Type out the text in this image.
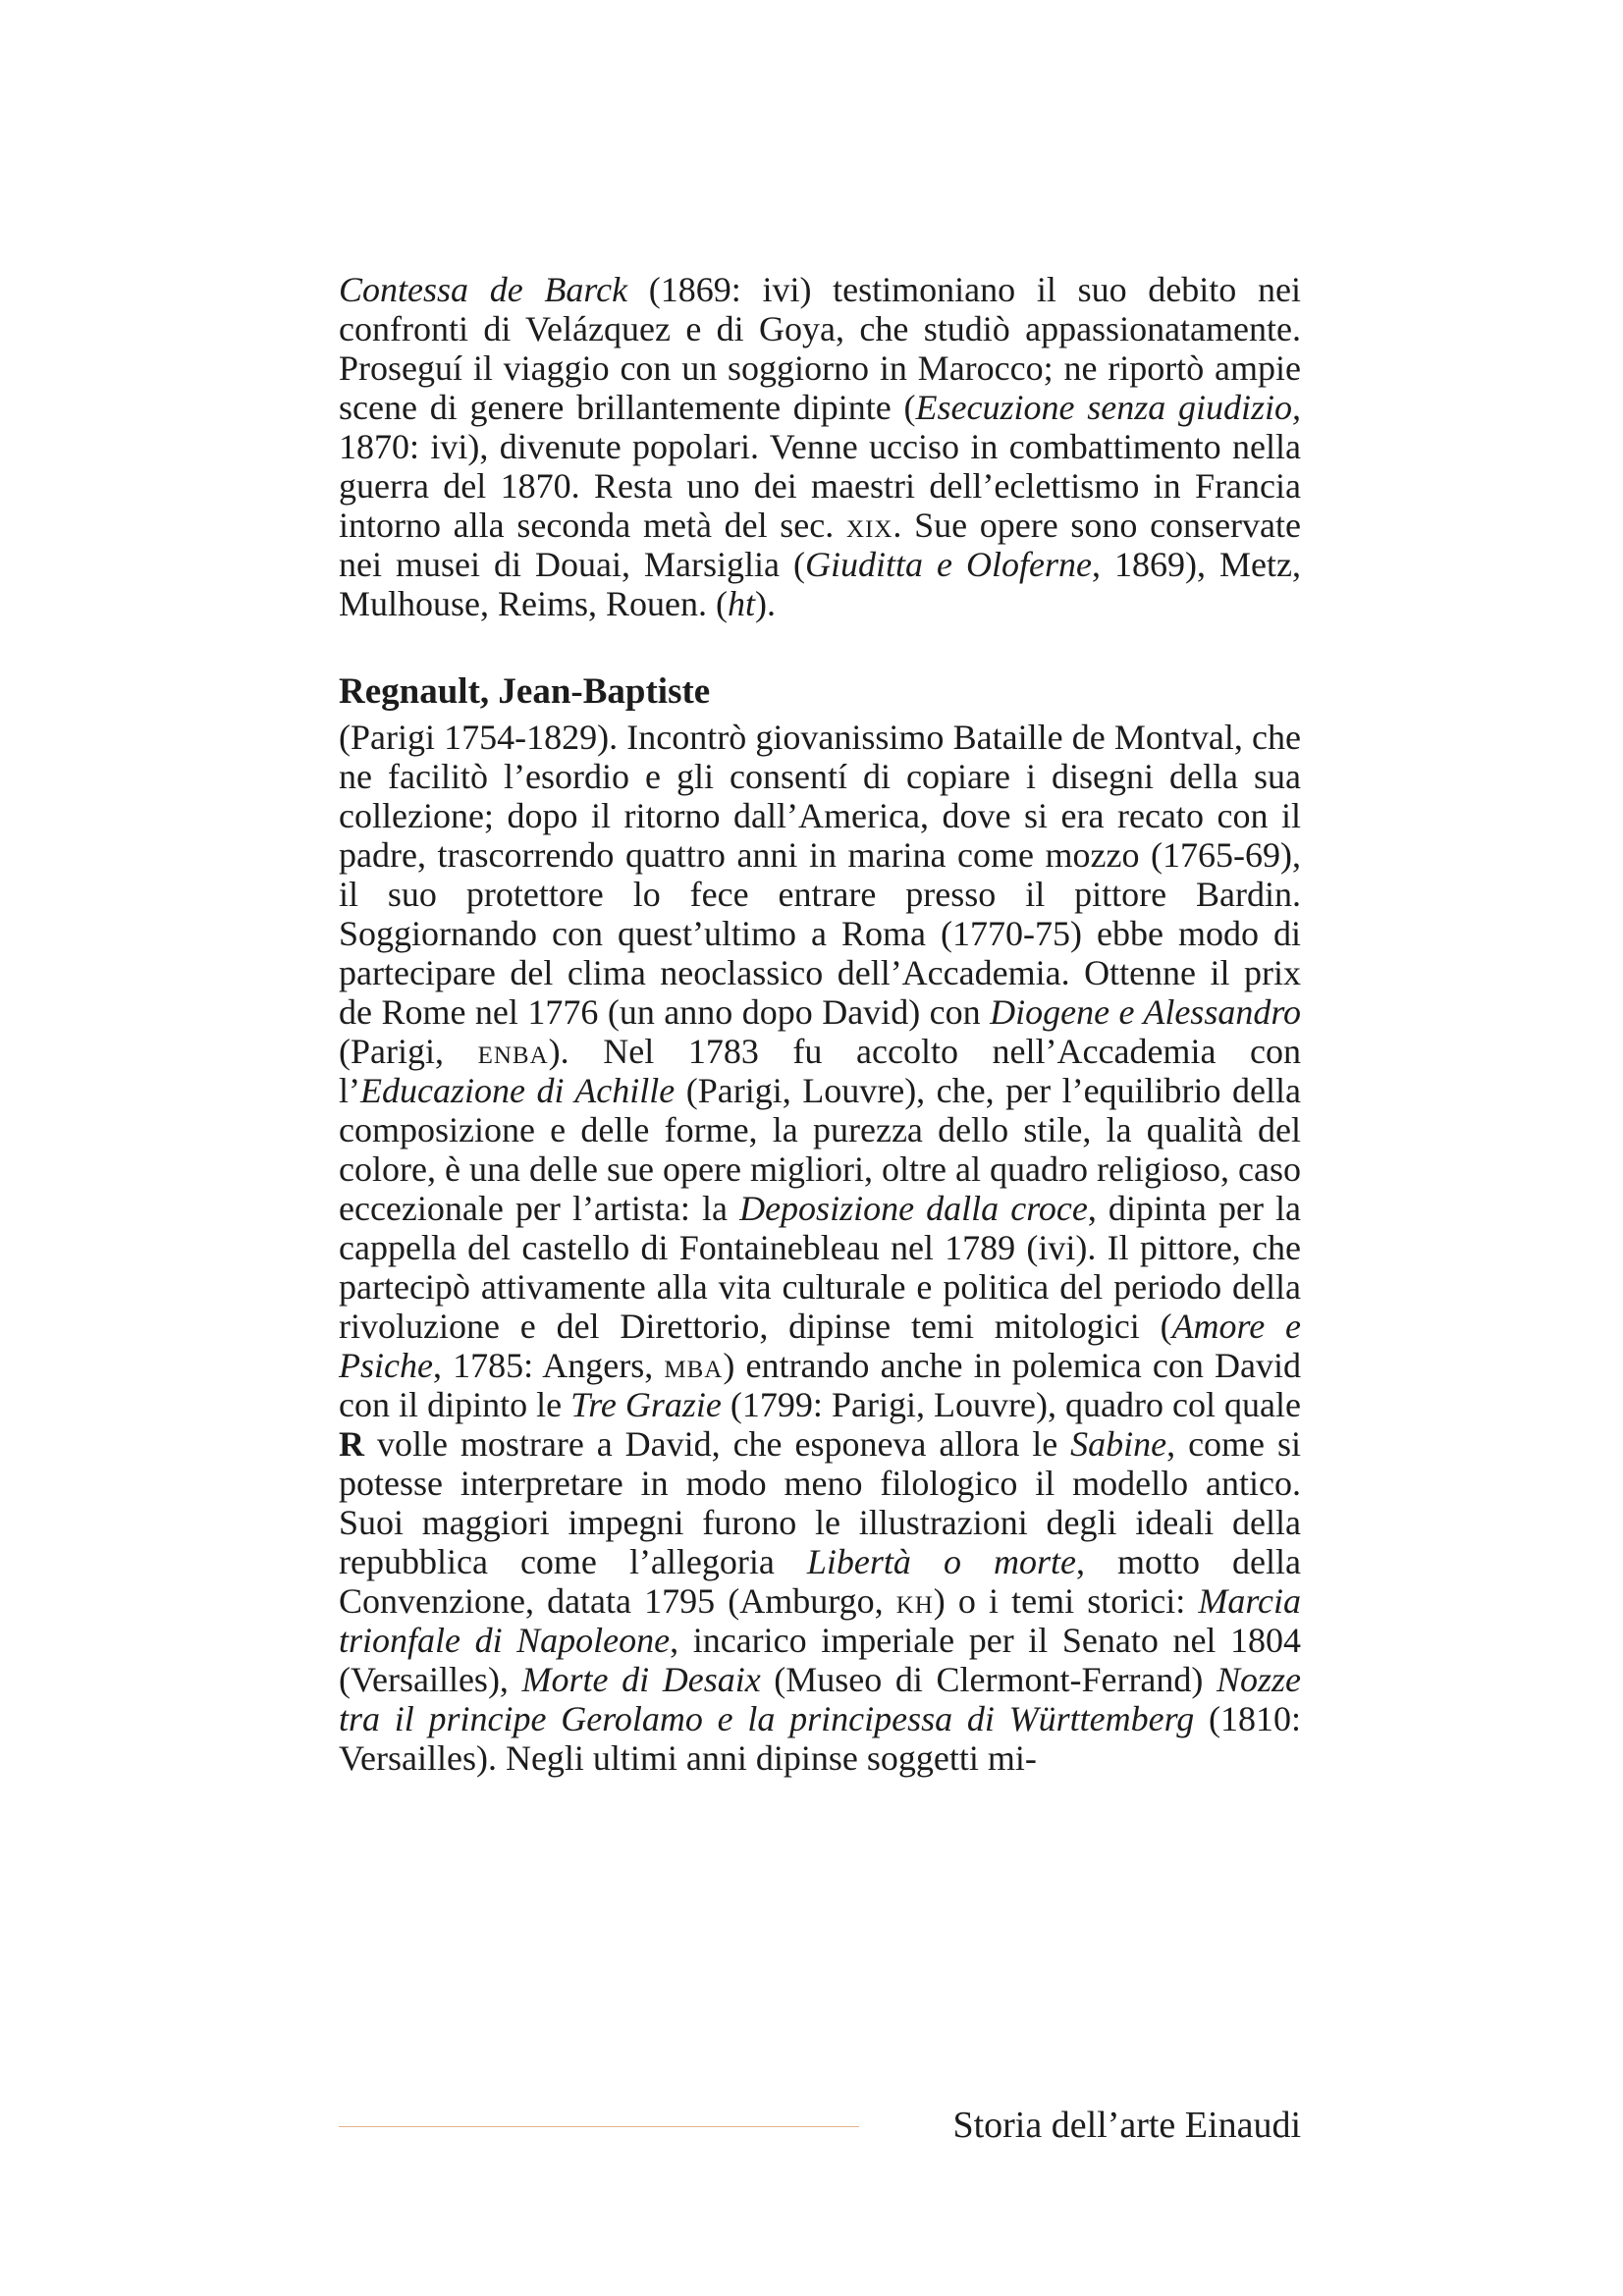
Contessa de Barck (1869: ivi) testimoniano il suo debito nei confronti di Velázquez e di Goya, che studiò appassionatamente. Proseguí il viaggio con un soggiorno in Marocco; ne riportò ampie scene di genere brillantemente dipinte (Esecuzione senza giudizio, 1870: ivi), divenute popolari. Venne ucciso in combattimento nella guerra del 1870. Resta uno dei maestri dell’eclettismo in Francia intorno alla seconda metà del sec. xix. Sue opere sono conservate nei musei di Douai, Marsiglia (Giuditta e Oloferne, 1869), Metz, Mulhouse, Reims, Rouen. (ht).

Regnault, Jean-Baptiste

(Parigi 1754-1829). Incontrò giovanissimo Bataille de Montval, che ne facilitò l’esordio e gli consentí di copiare i disegni della sua collezione; dopo il ritorno dall’America, dove si era recato con il padre, trascorrendo quattro anni in marina come mozzo (1765-69), il suo protettore lo fece entrare presso il pittore Bardin. Soggiornando con quest’ultimo a Roma (1770-75) ebbe modo di partecipare del clima neoclassico dell’Accademia. Ottenne il prix de Rome nel 1776 (un anno dopo David) con Diogene e Alessandro (Parigi, enba). Nel 1783 fu accolto nell’Accademia con l’Educazione di Achille (Parigi, Louvre), che, per l’equilibrio della composizione e delle forme, la purezza dello stile, la qualità del colore, è una delle sue opere migliori, oltre al quadro religioso, caso eccezionale per l’artista: la Deposizione dalla croce, dipinta per la cappella del castello di Fontainebleau nel 1789 (ivi). Il pittore, che partecipò attivamente alla vita culturale e politica del periodo della rivoluzione e del Direttorio, dipinse temi mitologici (Amore e Psiche, 1785: Angers, mba) entrando anche in polemica con David con il dipinto le Tre Grazie (1799: Parigi, Louvre), quadro col quale R volle mostrare a David, che esponeva allora le Sabine, come si potesse interpretare in modo meno filologico il modello antico. Suoi maggiori impegni furono le illustrazioni degli ideali della repubblica come l’allegoria Libertà o morte, motto della Convenzione, datata 1795 (Amburgo, kh) o i temi storici: Marcia trionfale di Napoleone, incarico imperiale per il Senato nel 1804 (Versailles), Morte di Desaix (Museo di Clermont-Ferrand) Nozze tra il principe Gerolamo e la principessa di Württemberg (1810: Versailles). Negli ultimi anni dipinse soggetti mi-

Storia dell’arte Einaudi
